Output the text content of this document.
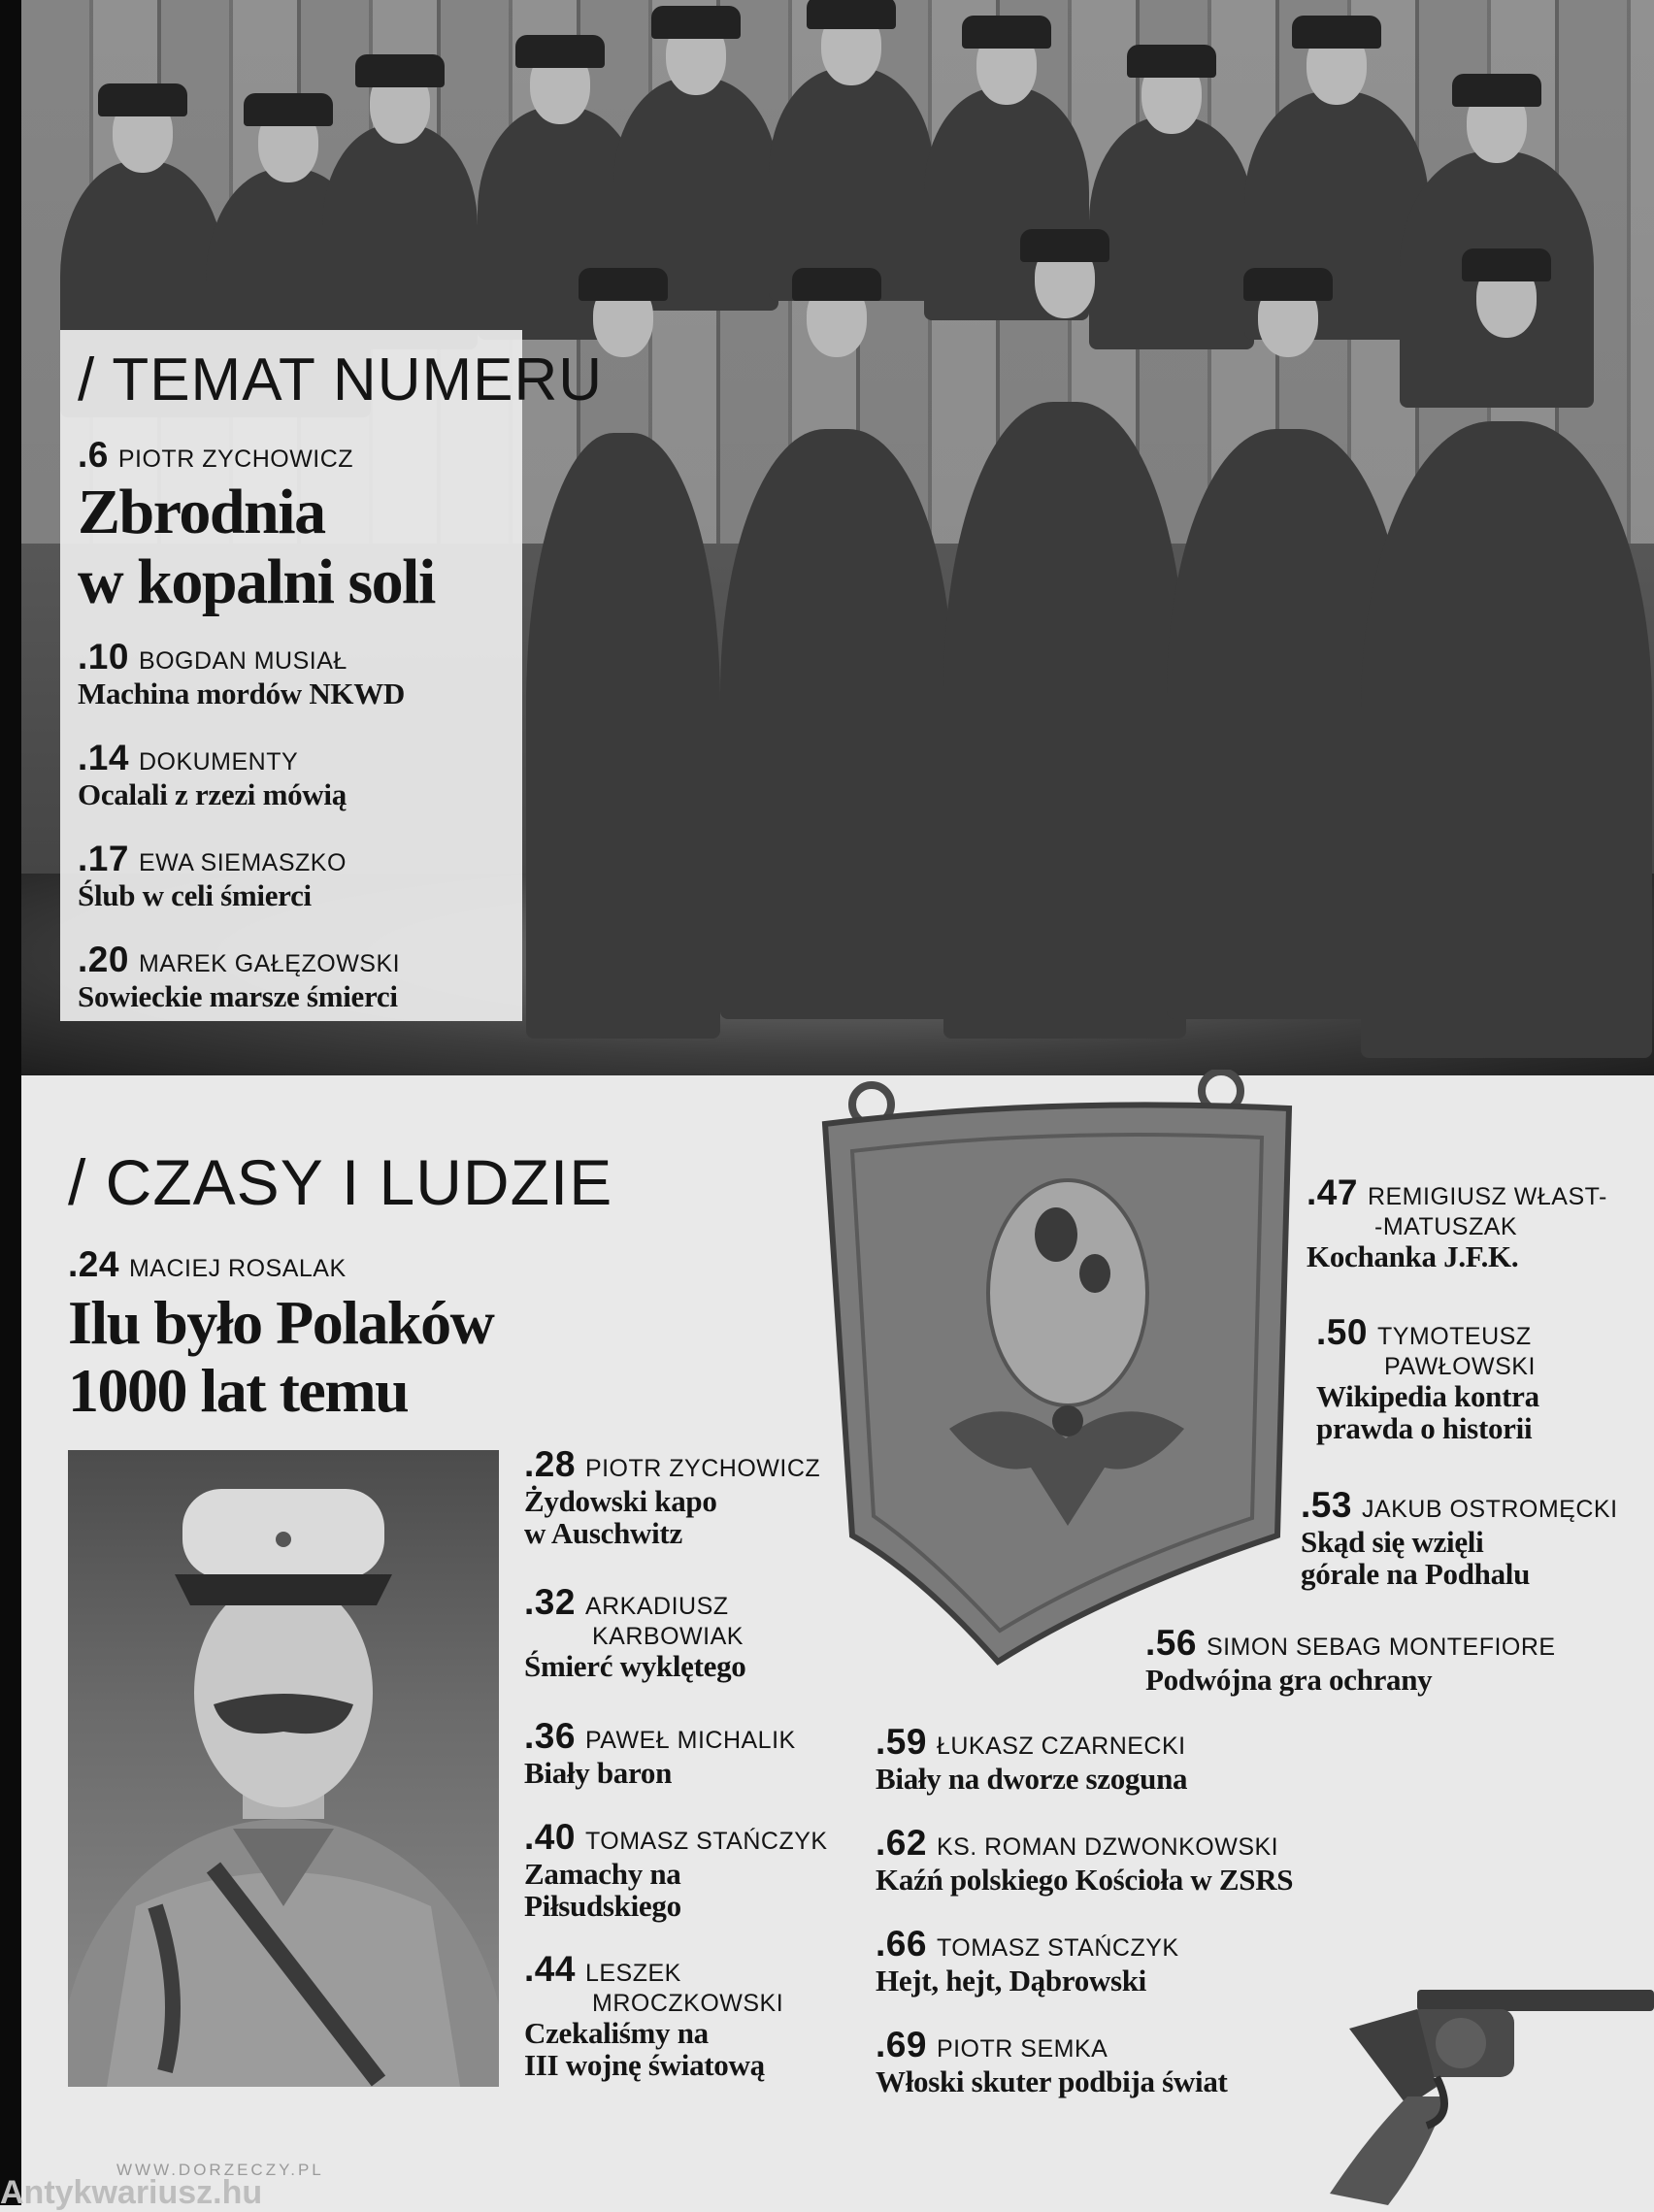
/ TEMAT NUMERU
.6 PIOTR ZYCHOWICZ
Zbrodnia
w kopalni soli
.10 BOGDAN MUSIAŁ
Machina mordów NKWD
.14 DOKUMENTY
Ocalali z rzezi mówią
.17 EWA SIEMASZKO
Ślub w celi śmierci
.20 MAREK GAŁĘZOWSKI
Sowieckie marsze śmierci
/ CZASY I LUDZIE
.24 MACIEJ ROSALAK
Ilu było Polaków
1000 lat temu
.28 PIOTR ZYCHOWICZ
Żydowski kapo
w Auschwitz
.32 ARKADIUSZ
KARBOWIAK
Śmierć wyklętego
.36 PAWEŁ MICHALIK
Biały baron
.40 TOMASZ STAŃCZYK
Zamachy na
Piłsudskiego
.44 LESZEK
MROCZKOWSKI
Czekaliśmy na
III wojnę światową
.47 REMIGIUSZ WŁAST-
-MATUSZAK
Kochanka J.F.K.
.50 TYMOTEUSZ
PAWŁOWSKI
Wikipedia kontra
prawda o historii
.53 JAKUB OSTROMĘCKI
Skąd się wzięli
górale na Podhalu
.56 SIMON SEBAG MONTEFIORE
Podwójna gra ochrany
.59 ŁUKASZ CZARNECKI
Biały na dworze szoguna
.62 KS. ROMAN DZWONKOWSKI
Kaźń polskiego Kościoła w ZSRS
.66 TOMASZ STAŃCZYK
Hejt, hejt, Dąbrowski
.69 PIOTR SEMKA
Włoski skuter podbija świat
WWW.DORZECZY.PL
Antykwariusz.hu
